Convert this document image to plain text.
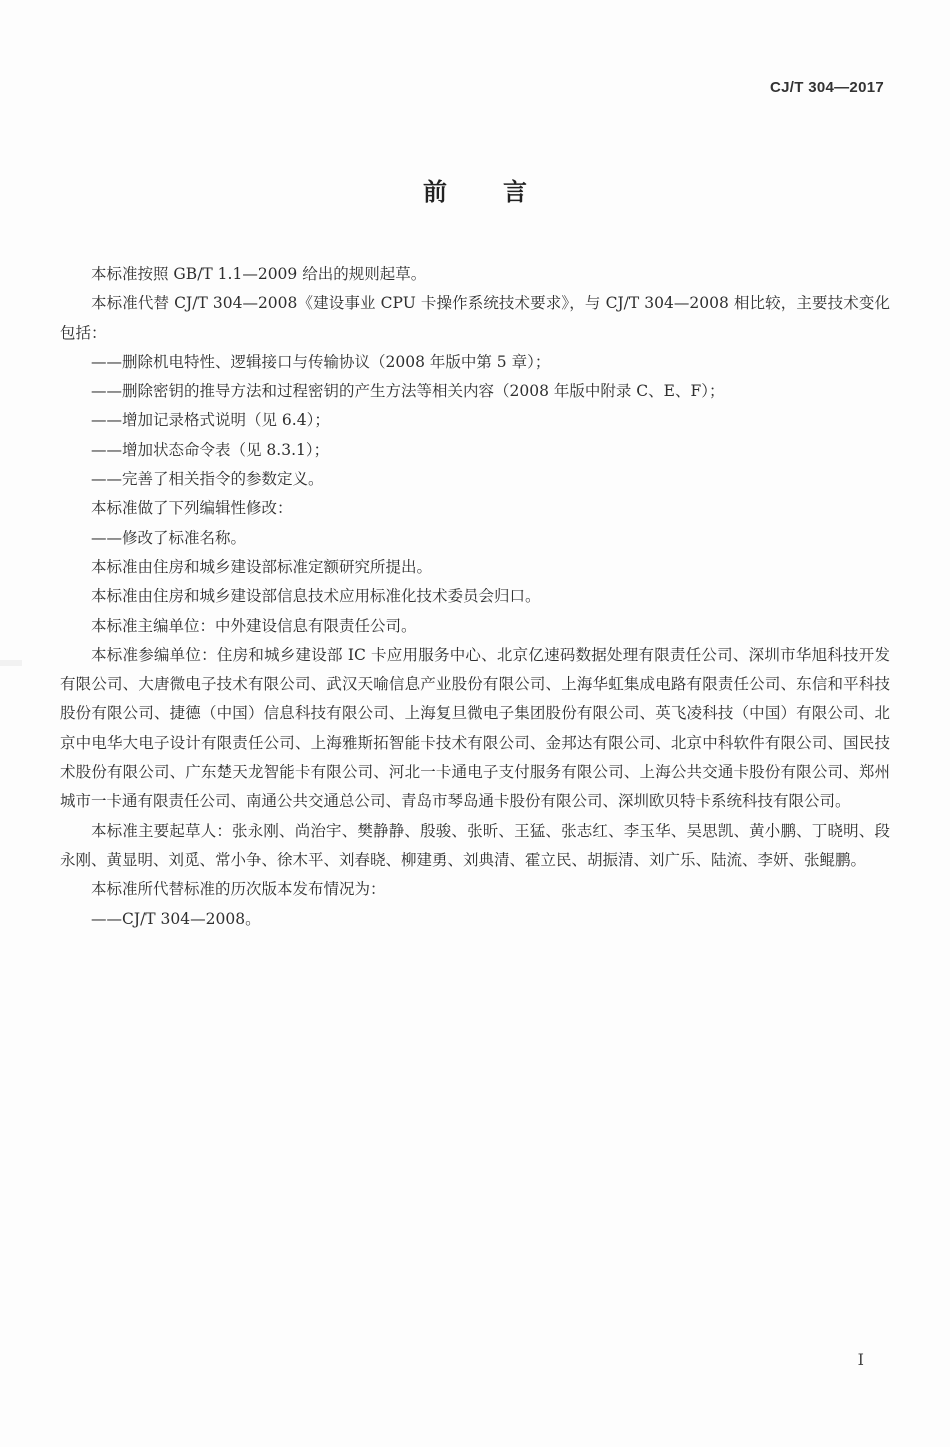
CJ/T 304—2017
前言

本标准按照 GB/T 1.1—2009 给出的规则起草。

本标准代替 CJ/T 304—2008《建设事业 CPU 卡操作系统技术要求》，与 CJ/T 304—2008 相比较，主要技术变化包括：

——删除机电特性、逻辑接口与传输协议（2008 年版中第 5 章）；

——删除密钥的推导方法和过程密钥的产生方法等相关内容（2008 年版中附录 C、E、F）；

——增加记录格式说明（见 6.4）；

——增加状态命令表（见 8.3.1）；

——完善了相关指令的参数定义。

本标准做了下列编辑性修改：

——修改了标准名称。

本标准由住房和城乡建设部标准定额研究所提出。

本标准由住房和城乡建设部信息技术应用标准化技术委员会归口。

本标准主编单位：中外建设信息有限责任公司。

本标准参编单位：住房和城乡建设部 IC 卡应用服务中心、北京亿速码数据处理有限责任公司、深圳市华旭科技开发有限公司、大唐微电子技术有限公司、武汉天喻信息产业股份有限公司、上海华虹集成电路有限责任公司、东信和平科技股份有限公司、捷德（中国）信息科技有限公司、上海复旦微电子集团股份有限公司、英飞凌科技（中国）有限公司、北京中电华大电子设计有限责任公司、上海雅斯拓智能卡技术有限公司、金邦达有限公司、北京中科软件有限公司、国民技术股份有限公司、广东楚天龙智能卡有限公司、河北一卡通电子支付服务有限公司、上海公共交通卡股份有限公司、郑州城市一卡通有限责任公司、南通公共交通总公司、青岛市琴岛通卡股份有限公司、深圳欧贝特卡系统科技有限公司。

本标准主要起草人：张永刚、尚治宇、樊静静、殷骏、张昕、王猛、张志红、李玉华、吴思凯、黄小鹏、丁晓明、段永刚、黄显明、刘觅、常小争、徐木平、刘春晓、柳建勇、刘典清、霍立民、胡振清、刘广乐、陆流、李妍、张鲲鹏。

本标准所代替标准的历次版本发布情况为：

——CJ/T 304—2008。

I
